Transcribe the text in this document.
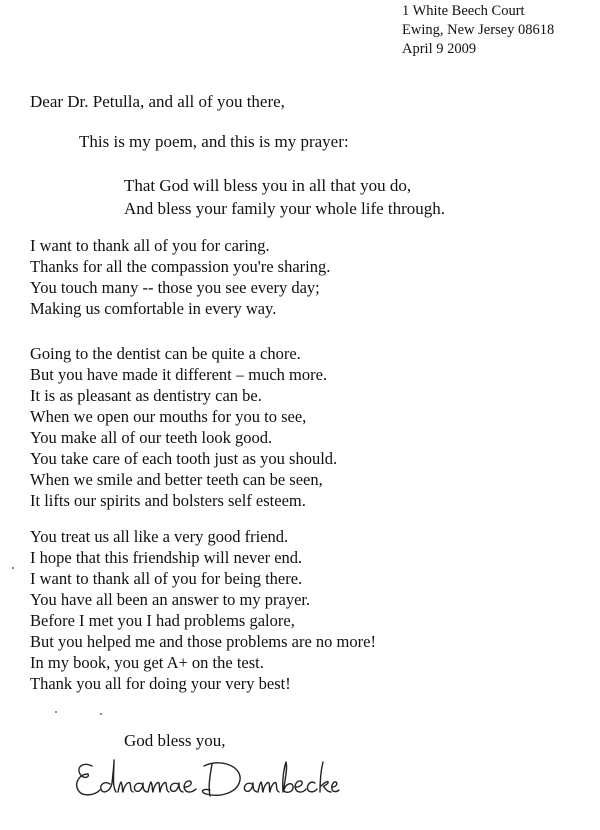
1 White Beech Court
Ewing, New Jersey 08618
April 9 2009
Dear Dr. Petulla, and all of you there,
This is my poem, and this is my prayer:
That God will bless you in all that you do,
And bless your family your whole life through.
I want to thank all of you for caring.
Thanks for all the compassion you're sharing.
You touch many -- those you see every day;
Making us comfortable in every way.
Going to the dentist can be quite a chore.
But you have made it different – much more.
It is as pleasant as dentistry can be.
When we open our mouths for you to see,
You make all of our teeth look good.
You take care of each tooth just as you should.
When we smile and better teeth can be seen,
It lifts our spirits and bolsters self esteem.
You treat us all like a very good friend.
I hope that this friendship will never end.
I want to thank all of you for being there.
You have all been an answer to my prayer.
Before I met you I had problems galore,
But you helped me and those problems are no more!
In my book, you get A+ on the test.
Thank you all for doing your very best!
God bless you,
